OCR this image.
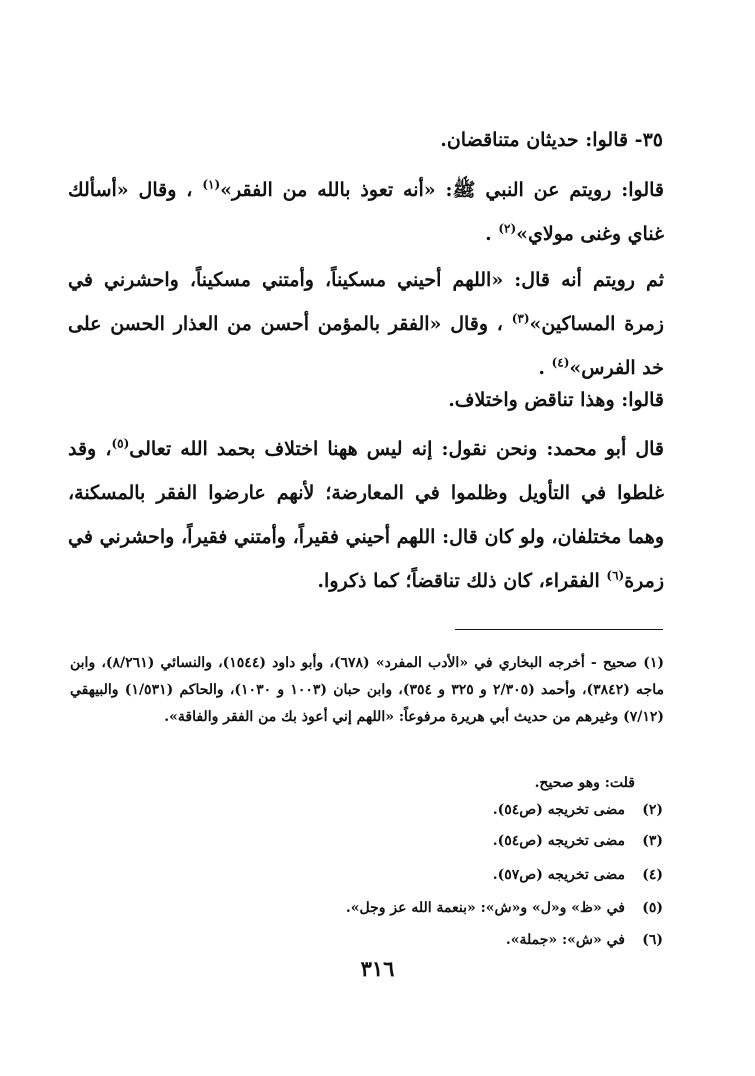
٣٥- قالوا: حديثان متناقضان.
قالوا: رويتم عن النبي ﷺ: «أنه تعوذ بالله من الفقر»$^{(١)}$ ، وقال «أسألك غناي وغنى مولاي»$^{(٢)}$ .
ثم رويتم أنه قال: «اللهم أحيني مسكيناً، وأمتني مسكيناً، واحشرني في زمرة المساكين»$^{(٣)}$ ، وقال «الفقر بالمؤمن أحسن من العذار الحسن على خد الفرس»$^{(٤)}$ .
قالوا: وهذا تناقض واختلاف.
قال أبو محمد: ونحن نقول: إنه ليس ههنا اختلاف بحمد الله تعالى$^{(٥)}$، وقد غلطوا في التأويل وظلموا في المعارضة؛ لأنهم عارضوا الفقر بالمسكنة، وهما مختلفان، ولو كان قال: اللهم أحيني فقيراً، وأمتني فقيراً، واحشرني في زمرة$^{(٦)}$ الفقراء، كان ذلك تناقضاً؛ كما ذكروا.
(١) صحيح - أخرجه البخاري في «الأدب المفرد» (٦٧٨)، وأبو داود (١٥٤٤)، والنسائي (٨/٢٦١)، وابن ماجه (٣٨٤٢)، وأحمد (٢/٣٠٥ و ٣٢٥ و ٣٥٤)، وابن حبان (١٠٠٣ و ١٠٣٠)، والحاكم (١/٥٣١) والبيهقي (٧/١٢) وغيرهم من حديث أبي هريرة مرفوعاً: «اللهم إني أعوذ بك من الفقر والفاقة».
قلت: وهو صحيح.
(٢)مضى تخريجه (ص٥٤).
(٣)مضى تخريجه (ص٥٤).
(٤)مضى تخريجه (ص٥٧).
(٥)في «ظ» و«ل» و«ش»: «بنعمة الله عز وجل».
(٦)في «ش»: «جملة».
٣١٦
